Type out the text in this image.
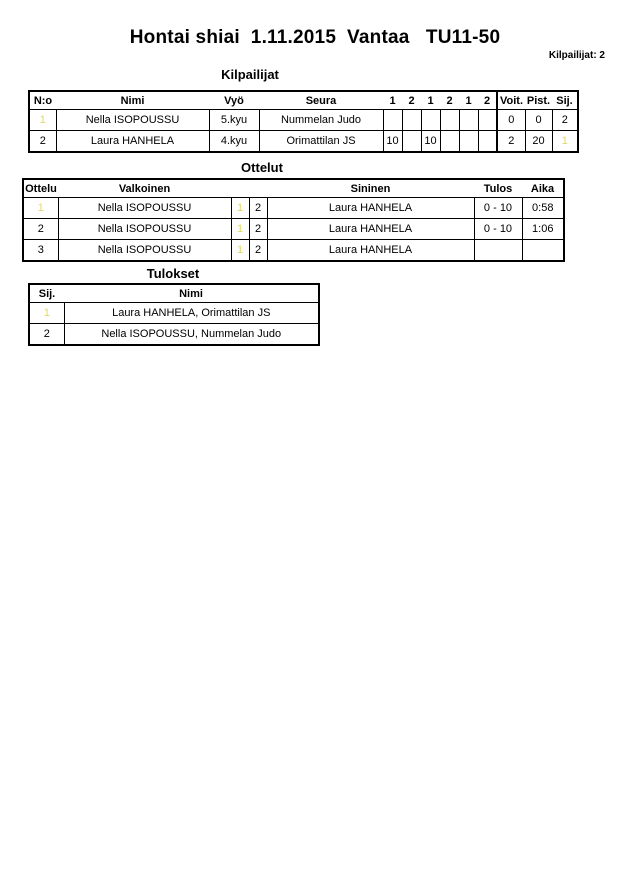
Hontai shiai  1.11.2015  Vantaa   TU11-50
Kilpailijat: 2
Kilpailijat
N:o	Nimi	Vyö	Seura	1	2	1	2	1	2	Voit.	Pist.	Sij.
1	Nella ISOPOUSSU	5.kyu	Nummelan Judo							0	0	2
2	Laura HANHELA	4.kyu	Orimattilan JS	10		10				2	20	1
Ottelut
Ottelu	Valkoinen			Sininen	Tulos	Aika
1	Nella ISOPOUSSU	1	2	Laura HANHELA	0 - 10	0:58
2	Nella ISOPOUSSU	1	2	Laura HANHELA	0 - 10	1:06
3	Nella ISOPOUSSU	1	2	Laura HANHELA		
Tulokset
Sij.	Nimi
1	Laura HANHELA, Orimattilan JS
2	Nella ISOPOUSSU, Nummelan Judo
